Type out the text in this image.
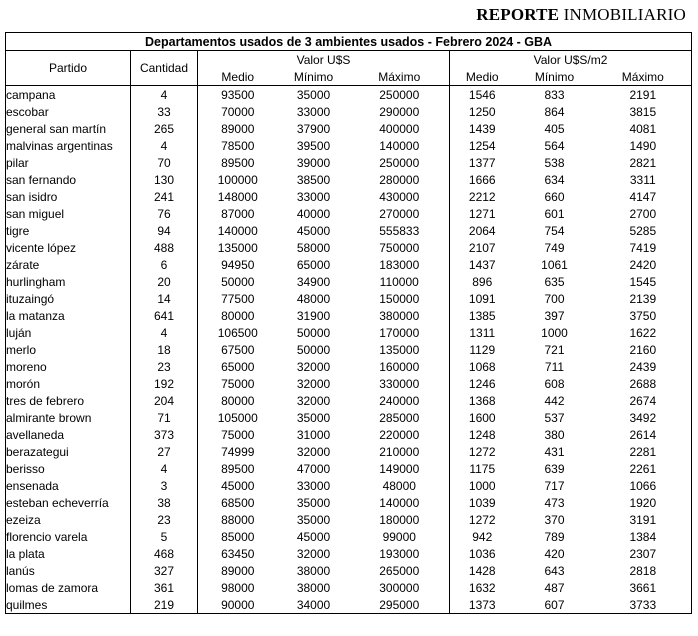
REPORTE INMOBILIARIO
Departamentos usados de 3 ambientes usados - Febrero 2024 - GBA							
Partido	Cantidad	Valor U$S			Valor U$S/m2		
		Medio	Mínimo	Máximo	Medio	Mínimo	Máximo
campana	4	93500	35000	250000	1546	833	2191
escobar	33	70000	33000	290000	1250	864	3815
general san martín	265	89000	37900	400000	1439	405	4081
malvinas argentinas	4	78500	39500	140000	1254	564	1490
pilar	70	89500	39000	250000	1377	538	2821
san fernando	130	100000	38500	280000	1666	634	3311
san isidro	241	148000	33000	430000	2212	660	4147
san miguel	76	87000	40000	270000	1271	601	2700
tigre	94	140000	45000	555833	2064	754	5285
vicente lópez	488	135000	58000	750000	2107	749	7419
zárate	6	94950	65000	183000	1437	1061	2420
hurlingham	20	50000	34900	110000	896	635	1545
ituzaingó	14	77500	48000	150000	1091	700	2139
la matanza	641	80000	31900	380000	1385	397	3750
luján	4	106500	50000	170000	1311	1000	1622
merlo	18	67500	50000	135000	1129	721	2160
moreno	23	65000	32000	160000	1068	711	2439
morón	192	75000	32000	330000	1246	608	2688
tres de febrero	204	80000	32000	240000	1368	442	2674
almirante brown	71	105000	35000	285000	1600	537	3492
avellaneda	373	75000	31000	220000	1248	380	2614
berazategui	27	74999	32000	210000	1272	431	2281
berisso	4	89500	47000	149000	1175	639	2261
ensenada	3	45000	33000	48000	1000	717	1066
esteban echeverría	38	68500	35000	140000	1039	473	1920
ezeiza	23	88000	35000	180000	1272	370	3191
florencio varela	5	85000	45000	99000	942	789	1384
la plata	468	63450	32000	193000	1036	420	2307
lanús	327	89000	38000	265000	1428	643	2818
lomas de zamora	361	98000	38000	300000	1632	487	3661
quilmes	219	90000	34000	295000	1373	607	3733
